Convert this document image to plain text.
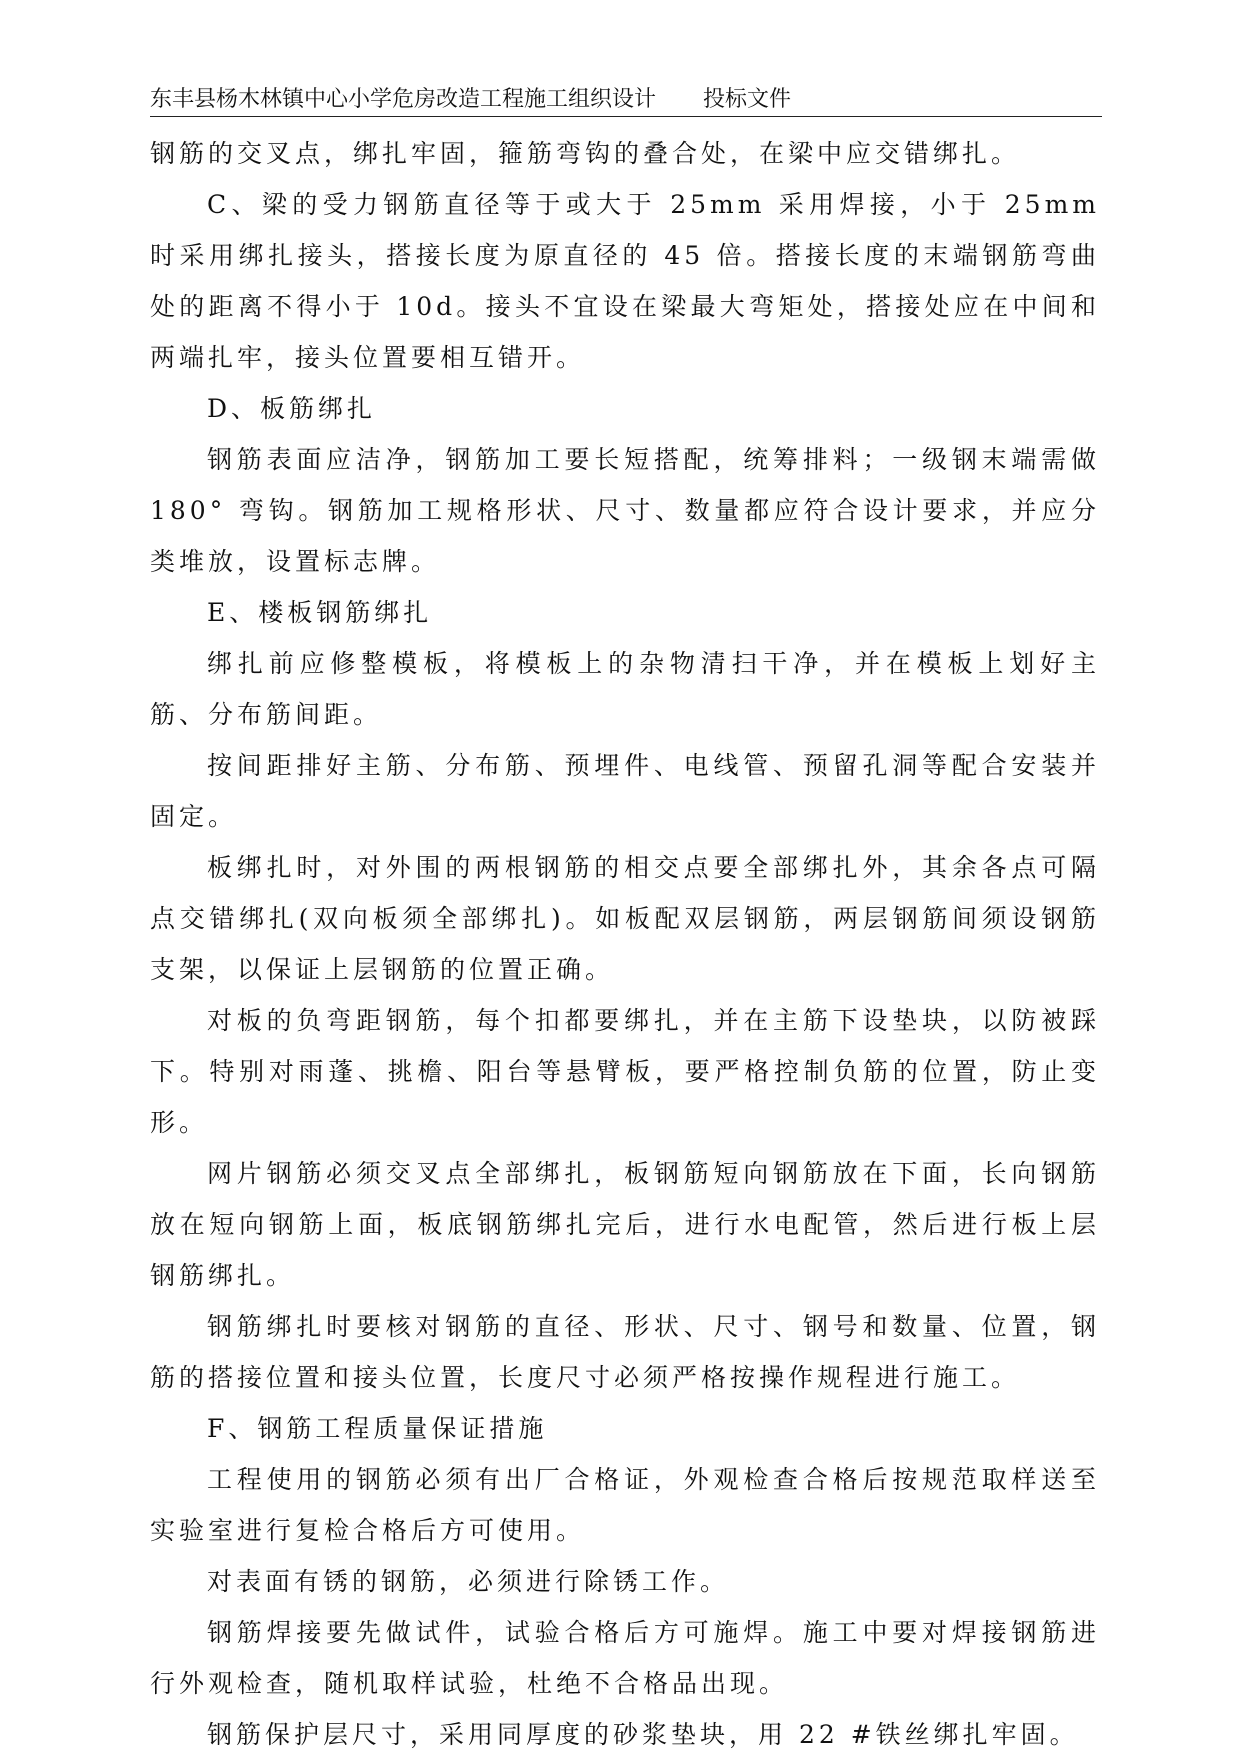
东丰县杨木林镇中心小学危房改造工程施工组织设计 投标文件

钢筋的交叉点，绑扎牢固，箍筋弯钩的叠合处，在梁中应交错绑扎。

C、梁的受力钢筋直径等于或大于 25mm 采用焊接，小于 25mm 时采用绑扎接头，搭接长度为原直径的 45 倍。搭接长度的末端钢筋弯曲处的距离不得小于 10d。接头不宜设在梁最大弯矩处，搭接处应在中间和两端扎牢，接头位置要相互错开。

D、板筋绑扎

钢筋表面应洁净，钢筋加工要长短搭配，统筹排料；一级钢末端需做 180° 弯钩。钢筋加工规格形状、尺寸、数量都应符合设计要求，并应分类堆放，设置标志牌。

E、楼板钢筋绑扎

绑扎前应修整模板，将模板上的杂物清扫干净，并在模板上划好主筋、分布筋间距。

按间距排好主筋、分布筋、预埋件、电线管、预留孔洞等配合安装并固定。

板绑扎时，对外围的两根钢筋的相交点要全部绑扎外，其余各点可隔点交错绑扎(双向板须全部绑扎)。如板配双层钢筋，两层钢筋间须设钢筋支架，以保证上层钢筋的位置正确。

对板的负弯距钢筋，每个扣都要绑扎，并在主筋下设垫块，以防被踩下。特别对雨蓬、挑檐、阳台等悬臂板，要严格控制负筋的位置，防止变形。

网片钢筋必须交叉点全部绑扎，板钢筋短向钢筋放在下面，长向钢筋放在短向钢筋上面，板底钢筋绑扎完后，进行水电配管，然后进行板上层钢筋绑扎。

钢筋绑扎时要核对钢筋的直径、形状、尺寸、钢号和数量、位置，钢筋的搭接位置和接头位置，长度尺寸必须严格按操作规程进行施工。

F、钢筋工程质量保证措施

工程使用的钢筋必须有出厂合格证，外观检查合格后按规范取样送至实验室进行复检合格后方可使用。

对表面有锈的钢筋，必须进行除锈工作。

钢筋焊接要先做试件，试验合格后方可施焊。施工中要对焊接钢筋进行外观检查，随机取样试验，杜绝不合格品出现。

钢筋保护层尺寸，采用同厚度的砂浆垫块，用 22 #铁丝绑扎牢固。
